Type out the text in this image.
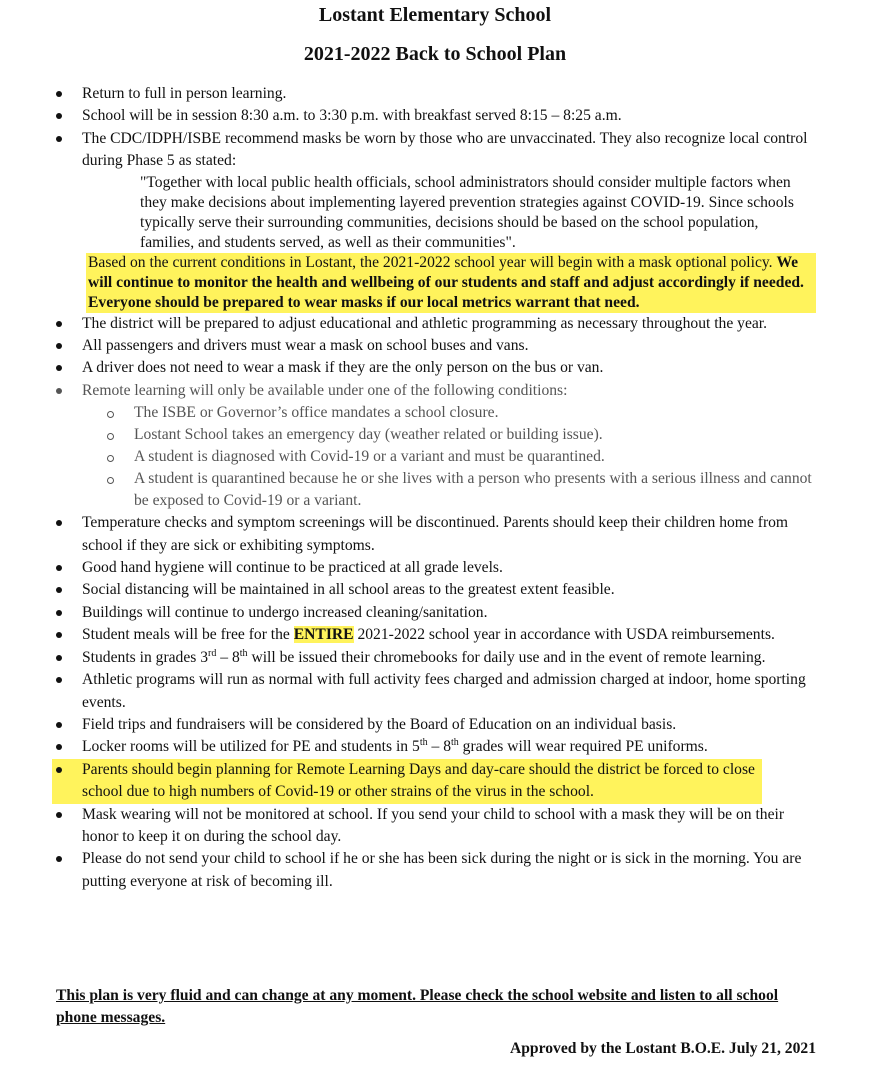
Lostant Elementary School
2021-2022 Back to School Plan
Return to full in person learning.
School will be in session 8:30 a.m. to 3:30 p.m. with breakfast served 8:15 – 8:25 a.m.
The CDC/IDPH/ISBE recommend masks be worn by those who are unvaccinated. They also recognize local control during Phase 5 as stated:
"Together with local public health officials, school administrators should consider multiple factors when they make decisions about implementing layered prevention strategies against COVID-19. Since schools typically serve their surrounding communities, decisions should be based on the school population, families, and students served, as well as their communities".
Based on the current conditions in Lostant, the 2021-2022 school year will begin with a mask optional policy. We will continue to monitor the health and wellbeing of our students and staff and adjust accordingly if needed. Everyone should be prepared to wear masks if our local metrics warrant that need.
The district will be prepared to adjust educational and athletic programming as necessary throughout the year.
All passengers and drivers must wear a mask on school buses and vans.
A driver does not need to wear a mask if they are the only person on the bus or van.
Remote learning will only be available under one of the following conditions:
The ISBE or Governor’s office mandates a school closure.
Lostant School takes an emergency day (weather related or building issue).
A student is diagnosed with Covid-19 or a variant and must be quarantined.
A student is quarantined because he or she lives with a person who presents with a serious illness and cannot be exposed to Covid-19 or a variant.
Temperature checks and symptom screenings will be discontinued. Parents should keep their children home from school if they are sick or exhibiting symptoms.
Good hand hygiene will continue to be practiced at all grade levels.
Social distancing will be maintained in all school areas to the greatest extent feasible.
Buildings will continue to undergo increased cleaning/sanitation.
Student meals will be free for the ENTIRE 2021-2022 school year in accordance with USDA reimbursements.
Students in grades 3rd – 8th will be issued their chromebooks for daily use and in the event of remote learning.
Athletic programs will run as normal with full activity fees charged and admission charged at indoor, home sporting events.
Field trips and fundraisers will be considered by the Board of Education on an individual basis.
Locker rooms will be utilized for PE and students in 5th – 8th grades will wear required PE uniforms.
Parents should begin planning for Remote Learning Days and day-care should the district be forced to close school due to high numbers of Covid-19 or other strains of the virus in the school.
Mask wearing will not be monitored at school. If you send your child to school with a mask they will be on their honor to keep it on during the school day.
Please do not send your child to school if he or she has been sick during the night or is sick in the morning. You are putting everyone at risk of becoming ill.
This plan is very fluid and can change at any moment. Please check the school website and listen to all school phone messages.
Approved by the Lostant B.O.E. July 21, 2021
